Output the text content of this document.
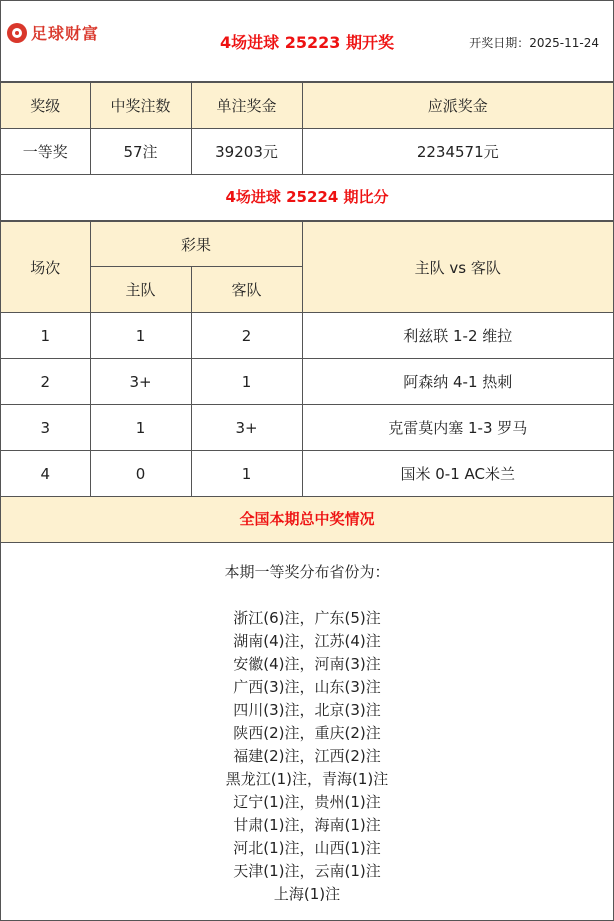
足球财富	4场进球 25223 期开奖	开奖日期：2025-11-24
奖级	中奖注数	单注奖金	应派奖金
一等奖	57注	39203元	2234571元
4场进球 25224 期比分
场次	彩果		主队 vs 客队
	主队	客队	
1	1	2	利兹联 1-2 维拉
2	3+	1	阿森纳 4-1 热刺
3	1	3+	克雷莫内塞 1-3 罗马
4	0	1	国米 0-1 AC米兰
全国本期总中奖情况
本期一等奖分布省份为：
浙江(6)注，广东(5)注
湖南(4)注，江苏(4)注
安徽(4)注，河南(3)注
广西(3)注，山东(3)注
四川(3)注，北京(3)注
陕西(2)注，重庆(2)注
福建(2)注，江西(2)注
黑龙江(1)注，青海(1)注
辽宁(1)注，贵州(1)注
甘肃(1)注，海南(1)注
河北(1)注，山西(1)注
天津(1)注，云南(1)注
上海(1)注
